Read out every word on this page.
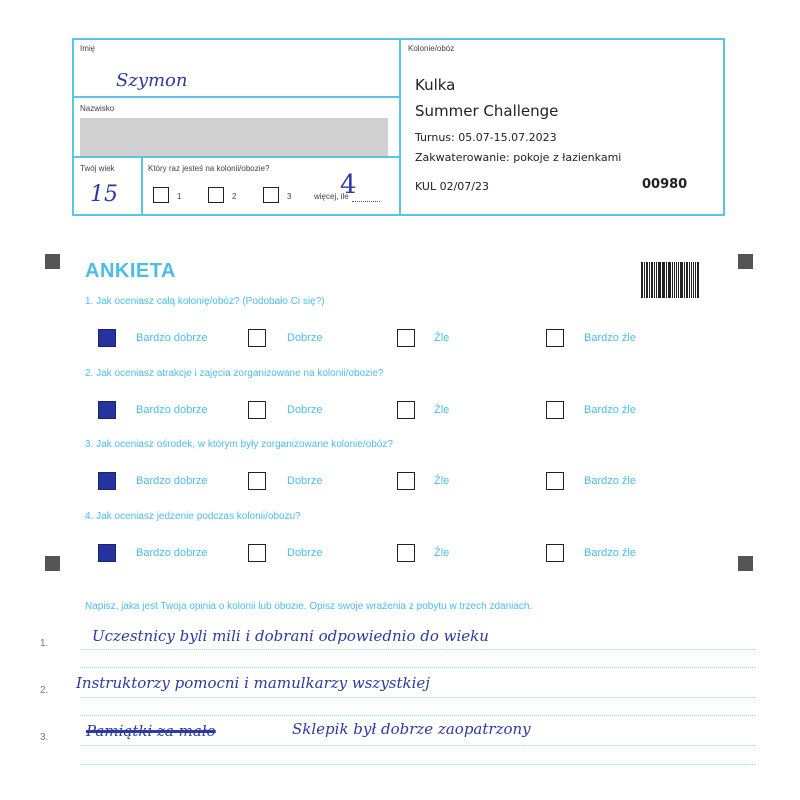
Imię
Szymon
Nazwisko
Twój wiek
15
Który raz jesteś na kolonii/obozie?
1	2	3	więcej, ile
4
Kolonie/obóz
Kulka
Summer Challenge
Turnus: 05.07-15.07.2023
Zakwaterowanie: pokoje z łazienkami
KUL 02/07/23	00980
ANKIETA
1. Jak oceniasz całą kolonię/obóz? (Podobało Ci się?)
Bardzo dobrze	Dobrze	Źle	Bardzo źle
2. Jak oceniasz atrakcje i zajęcia zorganizowane na kolonii/obozie?
Bardzo dobrze	Dobrze	Źle	Bardzo źle
3. Jak oceniasz ośrodek, w którym były zorganizowane kolonie/obóz?
Bardzo dobrze	Dobrze	Źle	Bardzo źle
4. Jak oceniasz jedzenie podczas kolonii/obozu?
Bardzo dobrze	Dobrze	Źle	Bardzo źle
Napisz, jaka jest Twoja opinia o kolonii lub obozie. Opisz swoje wrażenia z pobytu w trzech zdaniach.
1.	Uczestnicy byli mili i dobrani odpowiednio do wieku
2. Instruktorzy pomocni i mamulkarzy wszystkiej
3.	Pamiątki za mało	Sklepik był dobrze zaopatrzony
